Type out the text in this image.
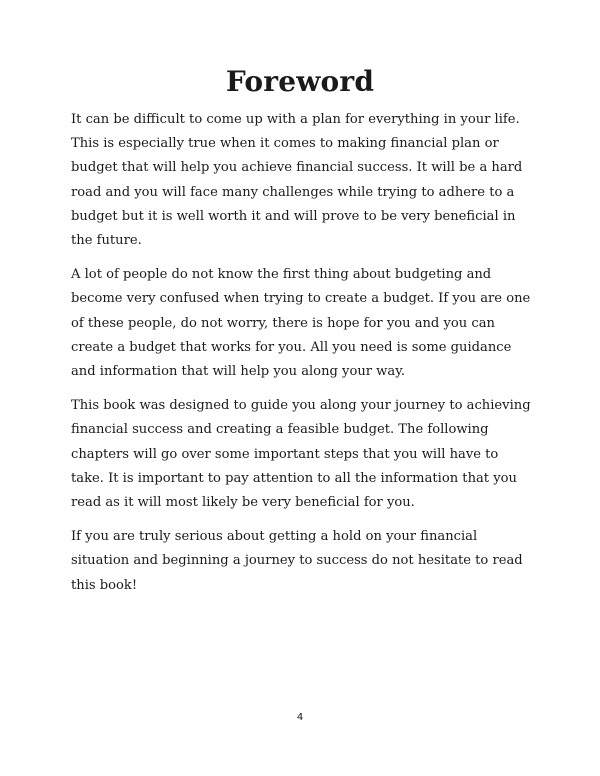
Foreword

It can be difficult to come up with a plan for everything in your life. This is especially true when it comes to making financial plan or budget that will help you achieve financial success. It will be a hard road and you will face many challenges while trying to adhere to a budget but it is well worth it and will prove to be very beneficial in the future.

A lot of people do not know the first thing about budgeting and become very confused when trying to create a budget. If you are one of these people, do not worry, there is hope for you and you can create a budget that works for you. All you need is some guidance and information that will help you along your way.

This book was designed to guide you along your journey to achieving financial success and creating a feasible budget. The following chapters will go over some important steps that you will have to take. It is important to pay attention to all the information that you read as it will most likely be very beneficial for you.

If you are truly serious about getting a hold on your financial situation and beginning a journey to success do not hesitate to read this book!

4
